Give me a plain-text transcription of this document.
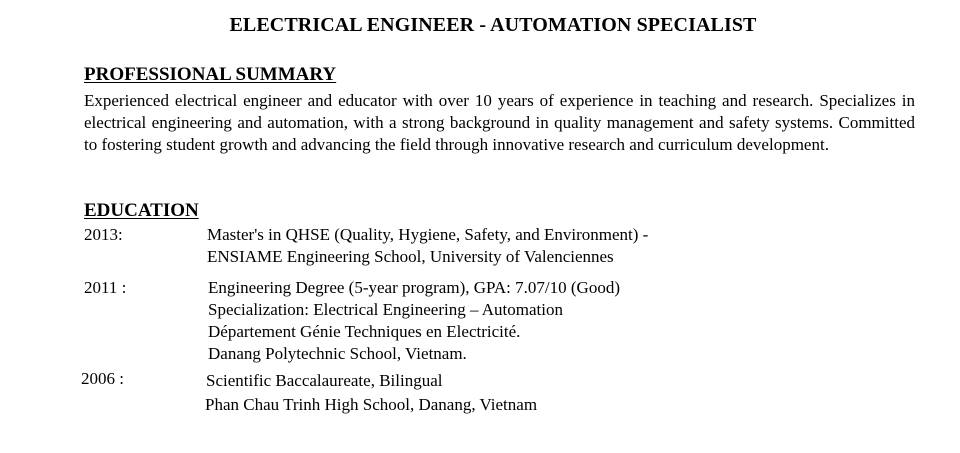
ELECTRICAL ENGINEER - AUTOMATION SPECIALIST
PROFESSIONAL SUMMARY
Experienced electrical engineer and educator with over 10 years of experience in teaching and research. Specializes in electrical engineering and automation, with a strong background in quality management and safety systems. Committed to fostering student growth and advancing the field through innovative research and curriculum development.
EDUCATION
2013:	Master's in QHSE (Quality, Hygiene, Safety, and Environment) -
ENSIAME Engineering School, University of Valenciennes
2011 :	Engineering Degree (5-year program), GPA: 7.07/10 (Good)
Specialization: Electrical Engineering – Automation
Département Génie Techniques en Electricité.
Danang Polytechnic School, Vietnam.
2006 :	Scientific Baccalaureate, Bilingual
Phan Chau Trinh High School, Danang, Vietnam
